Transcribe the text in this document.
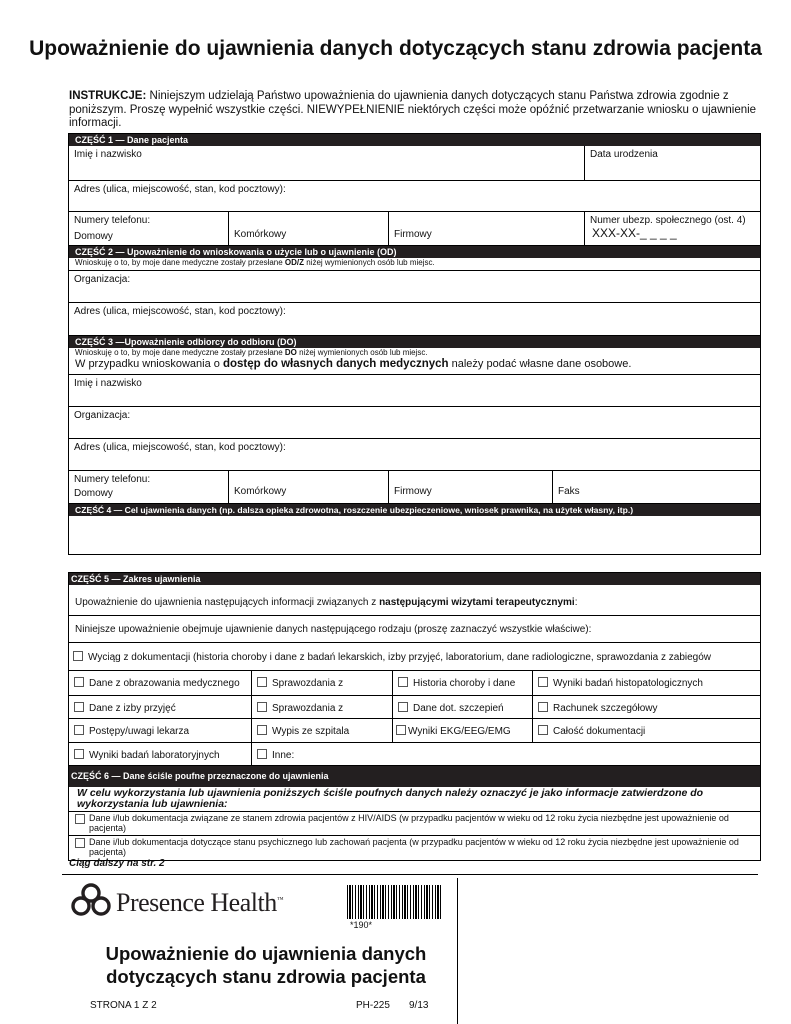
Upoważnienie do ujawnienia danych dotyczących stanu zdrowia pacjenta
INSTRUKCJE: Niniejszym udzielają Państwo upoważnienia do ujawnienia danych dotyczących stanu Państwa zdrowia zgodnie z poniższym. Proszę wypełnić wszystkie części. NIEWYPEŁNIENIE niektórych części może opóźnić przetwarzanie wniosku o ujawnienie informacji.
CZĘŚĆ 1 — Dane pacjenta
Imię i nazwisko	Data urodzenia
Adres (ulica, miejscowość, stan, kod pocztowy):
Numery telefonu:
Domowy	Komórkowy	Firmowy
Numer ubezp. społecznego (ost. 4)
XXX-XX-_ _ _ _
CZĘŚĆ 2 — Upoważnienie do wnioskowania o użycie lub o ujawnienie (OD)
Wnioskuję o to, by moje dane medyczne zostały przesłane OD/Z niżej wymienionych osób lub miejsc.
Organizacja:
Adres (ulica, miejscowość, stan, kod pocztowy):
CZĘŚĆ 3 —Upoważnienie odbiorcy do odbioru (DO)
Wnioskuję o to, by moje dane medyczne zostały przesłane DO niżej wymienionych osób lub miejsc.
W przypadku wnioskowania o dostęp do własnych danych medycznych należy podać własne dane osobowe.
Imię i nazwisko
Organizacja:
Adres (ulica, miejscowość, stan, kod pocztowy):
Numery telefonu:
Domowy	Komórkowy	Firmowy	Faks
CZĘŚĆ 4 — Cel ujawnienia danych (np. dalsza opieka zdrowotna, roszczenie ubezpieczeniowe, wniosek prawnika, na użytek własny, itp.)
CZĘŚĆ 5 — Zakres ujawnienia
Upoważnienie do ujawnienia następujących informacji związanych z następującymi wizytami terapeutycznymi:
Niniejsze upoważnienie obejmuje ujawnienie danych następującego rodzaju (proszę zaznaczyć wszystkie właściwe):
Wyciąg z dokumentacji (historia choroby i dane z badań lekarskich, izby przyjęć, laboratorium, dane radiologiczne, sprawozdania z zabiegów
Dane z obrazowania medycznego	Sprawozdania z	Historia choroby i dane	Wyniki badań histopatologicznych
Dane z izby przyjęć	Sprawozdania z	Dane dot. szczepień	Rachunek szczegółowy
Postępy/uwagi lekarza	Wypis ze szpitala	Wyniki EKG/EEG/EMG	Całość dokumentacji
Wyniki badań laboratoryjnych	Inne:
CZĘŚĆ 6 — Dane ściśle poufne przeznaczone do ujawnienia
W celu wykorzystania lub ujawnienia poniższych ściśle poufnych danych należy oznaczyć je jako informacje zatwierdzone do wykorzystania lub ujawnienia:
Dane i/lub dokumentacja związane ze stanem zdrowia pacjentów z HIV/AIDS (w przypadku pacjentów w wieku od 12 roku życia niezbędne jest upoważnienie od pacjenta)
Dane i/lub dokumentacja dotyczące stanu psychicznego lub zachowań pacjenta (w przypadku pacjentów w wieku od 12 roku życia niezbędne jest upoważnienie od pacjenta)
Ciąg dalszy na str. 2
Presence Health™
*190*
Upoważnienie do ujawnienia danych dotyczących stanu zdrowia pacjenta
STRONA 1 Z 2	PH-225 9/13
